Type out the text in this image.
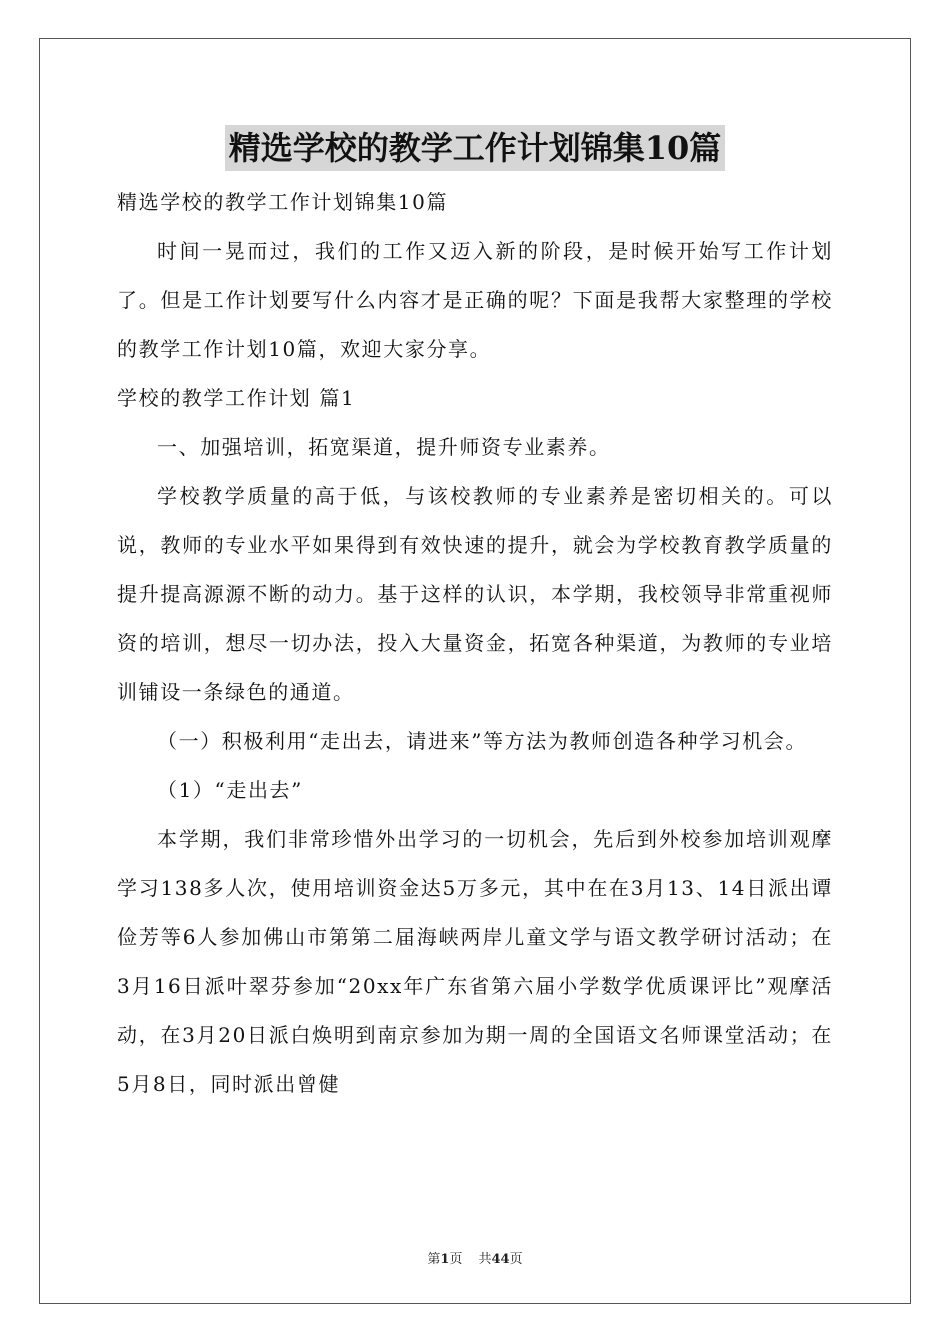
精选学校的教学工作计划锦集10篇

精选学校的教学工作计划锦集10篇

时间一晃而过，我们的工作又迈入新的阶段，是时候开始写工作计划了。但是工作计划要写什么内容才是正确的呢？下面是我帮大家整理的学校的教学工作计划10篇，欢迎大家分享。

学校的教学工作计划 篇1

一、加强培训，拓宽渠道，提升师资专业素养。

学校教学质量的高于低，与该校教师的专业素养是密切相关的。可以说，教师的专业水平如果得到有效快速的提升，就会为学校教育教学质量的提升提高源源不断的动力。基于这样的认识，本学期，我校领导非常重视师资的培训，想尽一切办法，投入大量资金，拓宽各种渠道，为教师的专业培训铺设一条绿色的通道。

（一）积极利用“走出去，请进来”等方法为教师创造各种学习机会。

（1）“走出去”

本学期，我们非常珍惜外出学习的一切机会，先后到外校参加培训观摩学习138多人次，使用培训资金达5万多元，其中在在3月13、14日派出谭俭芳等6人参加佛山市第第二届海峡两岸儿童文学与语文教学研讨活动；在3月16日派叶翠芬参加“20xx年广东省第六届小学数学优质课评比”观摩活动，在3月20日派白焕明到南京参加为期一周的全国语文名师课堂活动；在5月8日，同时派出曾健

第1页 共44页
